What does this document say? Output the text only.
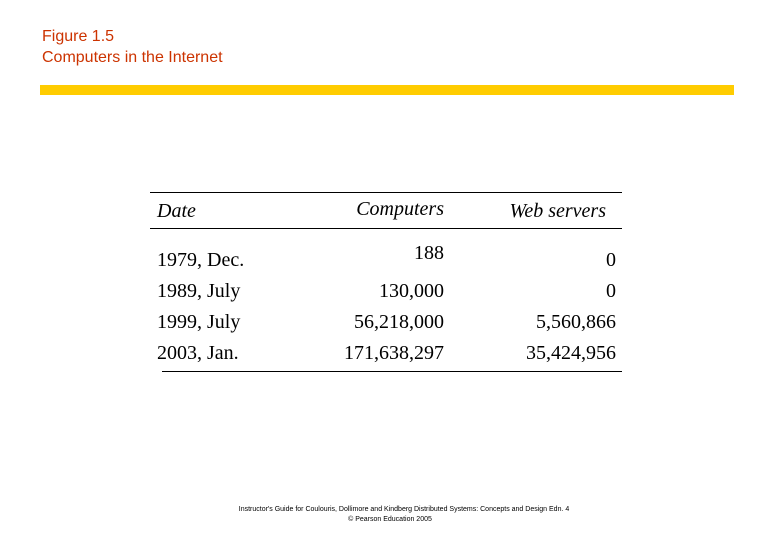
Figure 1.5
Computers in the Internet
Date	Computers	Web servers
1979, Dec.
1989, July
1999, July
2003, Jan.
188
130,000
56,218,000
171,638,297
0
0
5,560,866
35,424,956
Instructor's Guide for Coulouris, Dollimore and Kindberg Distributed Systems: Concepts and Design Edn. 4
© Pearson Education 2005
